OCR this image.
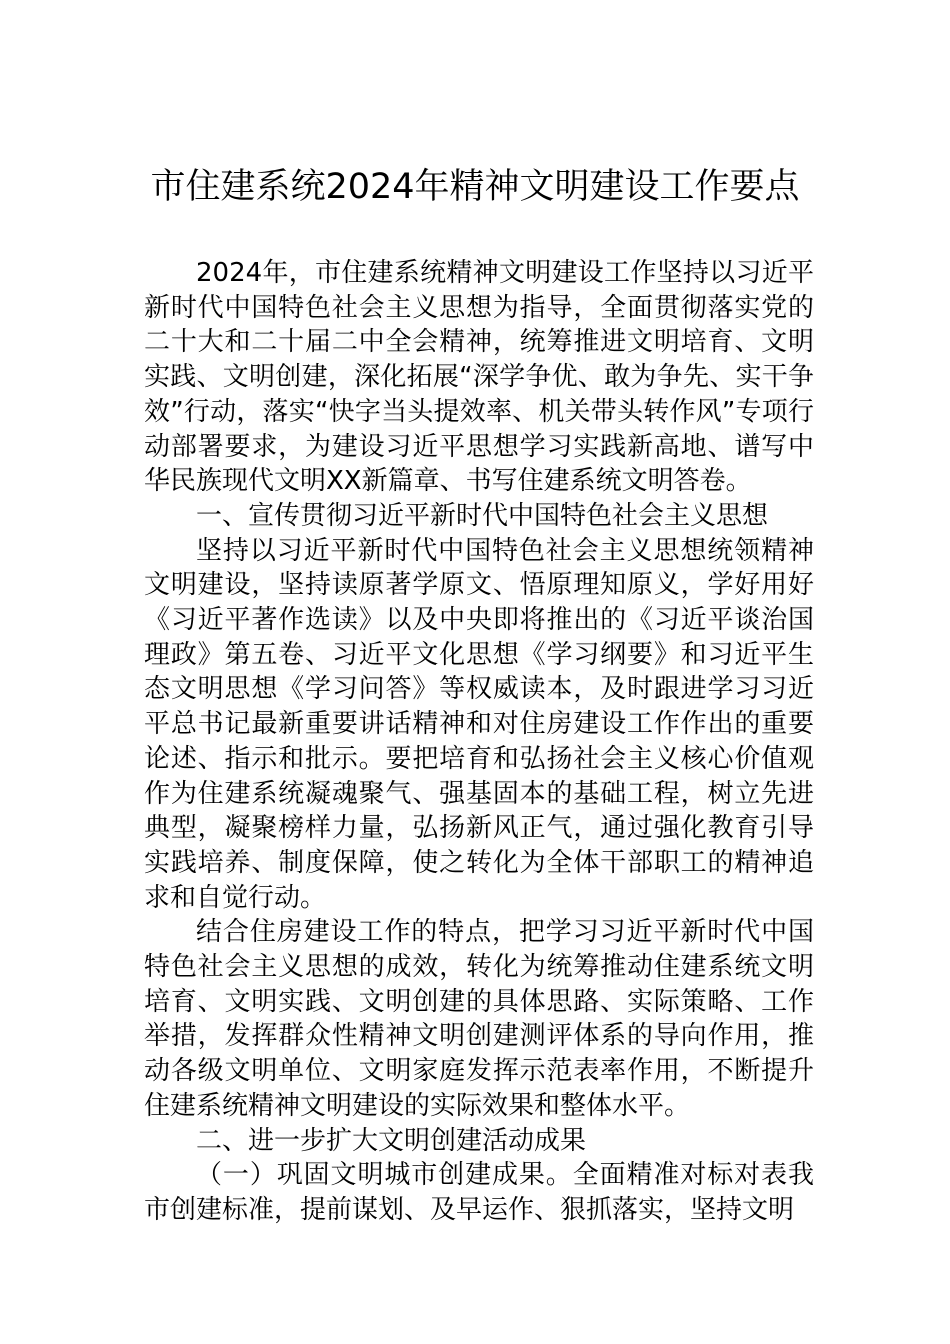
市住建系统2024年精神文明建设工作要点

2024年，市住建系统精神文明建设工作坚持以习近平新时代中国特色社会主义思想为指导，全面贯彻落实党的二十大和二十届二中全会精神，统筹推进文明培育、文明实践、文明创建，深化拓展“深学争优、敢为争先、实干争效”行动，落实“快字当头提效率、机关带头转作风”专项行动部署要求，为建设习近平思想学习实践新高地、谱写中华民族现代文明XX新篇章、书写住建系统文明答卷。

一、宣传贯彻习近平新时代中国特色社会主义思想

坚持以习近平新时代中国特色社会主义思想统领精神文明建设，坚持读原著学原文、悟原理知原义，学好用好《习近平著作选读》以及中央即将推出的《习近平谈治国理政》第五卷、习近平文化思想《学习纲要》和习近平生态文明思想《学习问答》等权威读本，及时跟进学习习近平总书记最新重要讲话精神和对住房建设工作作出的重要论述、指示和批示。要把培育和弘扬社会主义核心价值观作为住建系统凝魂聚气、强基固本的基础工程，树立先进典型，凝聚榜样力量，弘扬新风正气，通过强化教育引导实践培养、制度保障，使之转化为全体干部职工的精神追求和自觉行动。

结合住房建设工作的特点，把学习习近平新时代中国特色社会主义思想的成效，转化为统筹推动住建系统文明培育、文明实践、文明创建的具体思路、实际策略、工作举措，发挥群众性精神文明创建测评体系的导向作用，推动各级文明单位、文明家庭发挥示范表率作用，不断提升住建系统精神文明建设的实际效果和整体水平。

二、进一步扩大文明创建活动成果

（一）巩固文明城市创建成果。全面精准对标对表我市创建标准，提前谋划、及早运作、狠抓落实，坚持文明
